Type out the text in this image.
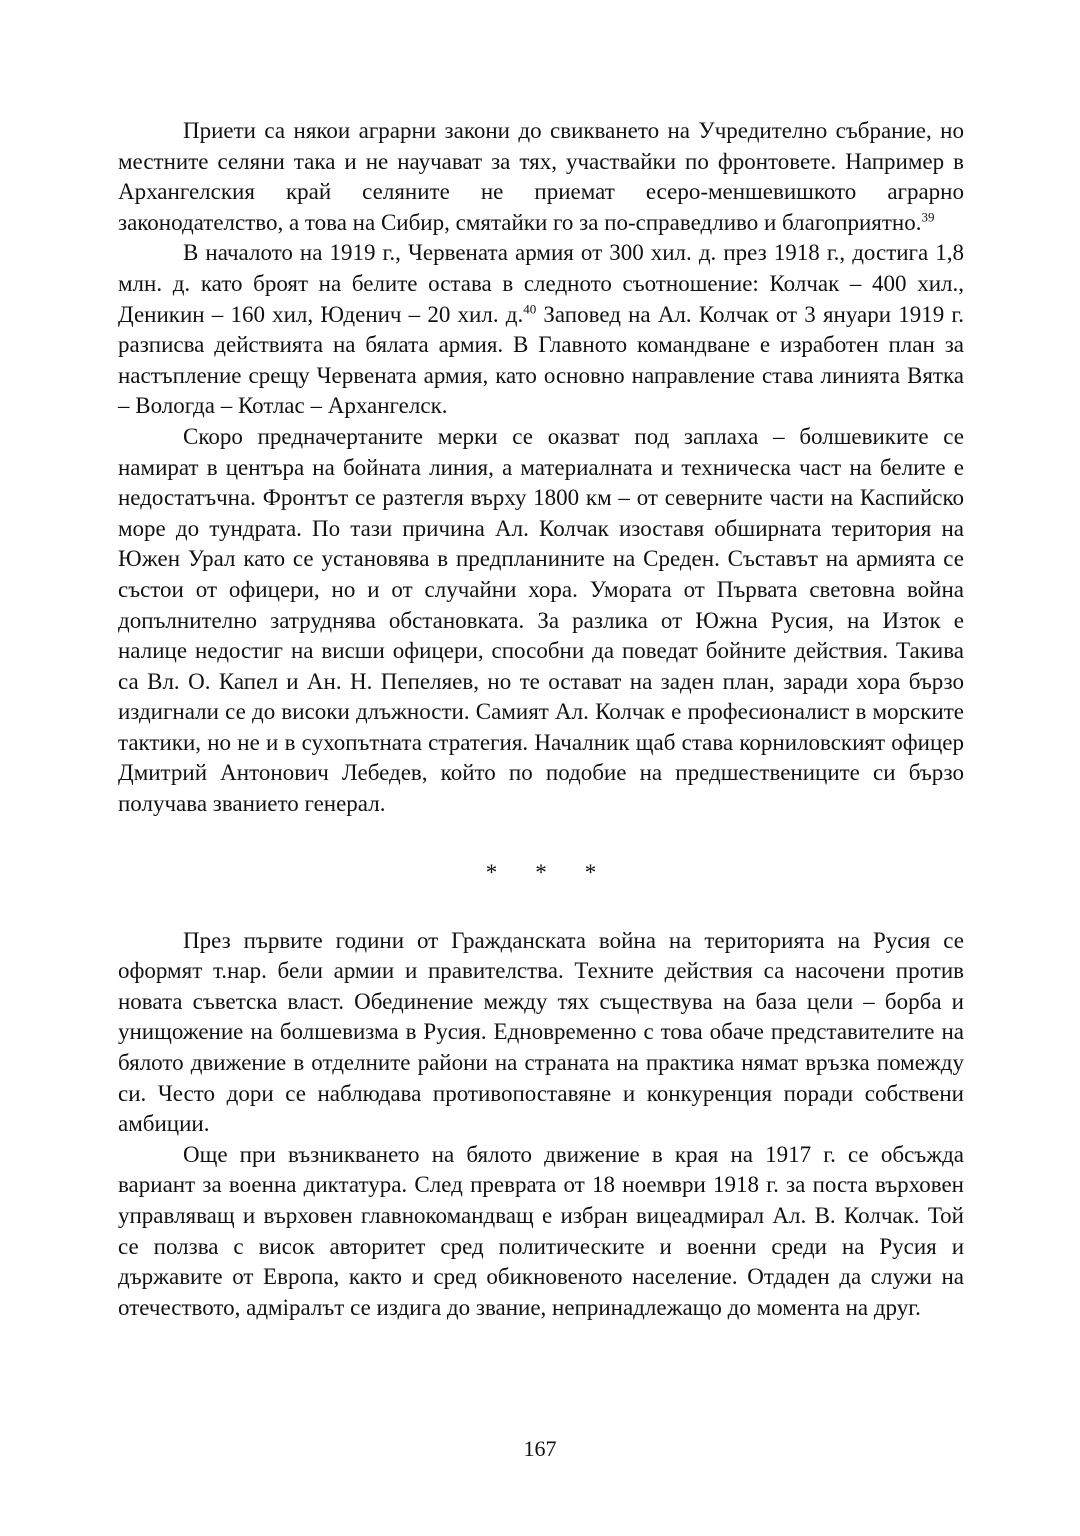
Приети са някои аграрни закони до свикването на Учредително събрание, но местните селяни така и не научават за тях, участвайки по фронтовете. Например в Архангелския край селяните не приемат есеро-меншевишкото аграрно законодателство, а това на Сибир, смятайки го за по-справедливо и благоприятно.$^{39}$

В началото на 1919 г., Червената армия от 300 хил. д. през 1918 г., достига 1,8 млн. д. като броят на белите остава в следното съотношение: Колчак – 400 хил., Деникин – 160 хил, Юденич – 20 хил. д.$^{40}$ Заповед на Ал. Колчак от 3 януари 1919 г. разписва действията на бялата армия. В Главното командване е изработен план за настъпление срещу Червената армия, като основно направление става линията Вятка – Вологда – Котлас – Архангелск.

Скоро предначертаните мерки се оказват под заплаха – болшевиките се намират в центъра на бойната линия, а материалната и техническа част на белите е недостатъчна. Фронтът се разтегля върху 1800 км – от северните части на Каспийско море до тундрата. По тази причина Ал. Колчак изоставя обширната територия на Южен Урал като се установява в предпланините на Среден. Съставът на армията се състои от офицери, но и от случайни хора. Умората от Първата световна война допълнително затруднява обстановката. За разлика от Южна Русия, на Изток е налице недостиг на висши офицери, способни да поведат бойните действия. Такива са Вл. О. Капел и Ан. Н. Пепеляев, но те остават на заден план, заради хора бързо издигнали се до високи длъжности. Самият Ал. Колчак е професионалист в морските тактики, но не и в сухопътната стратегия. Началник щаб става корниловският офицер Дмитрий Антонович Лебедев, който по подобие на предшествениците си бързо получава званието генерал.

* * *

През първите години от Гражданската война на територията на Русия се оформят т.нар. бели армии и правителства. Техните действия са насочени против новата съветска власт. Обединение между тях съществува на база цели – борба и унищожение на болшевизма в Русия. Едновременно с това обаче представителите на бялото движение в отделните райони на страната на практика нямат връзка помежду си. Често дори се наблюдава противопоставяне и конкуренция поради собствени амбиции.

Още при възникването на бялото движение в края на 1917 г. се обсъжда вариант за военна диктатура. След превратa от 18 ноември 1918 г. за поста върховен управляващ и върховен главнокомандващ е избран вицеадмирал Ал. В. Колчак. Той се ползва с висок авторитет сред политическите и военни среди на Русия и държавите от Европа, както и сред обикновеното население. Отдаден да служи на отечеството, адміралът се издига до звание, непринадлежащо до момента на друг.

167
